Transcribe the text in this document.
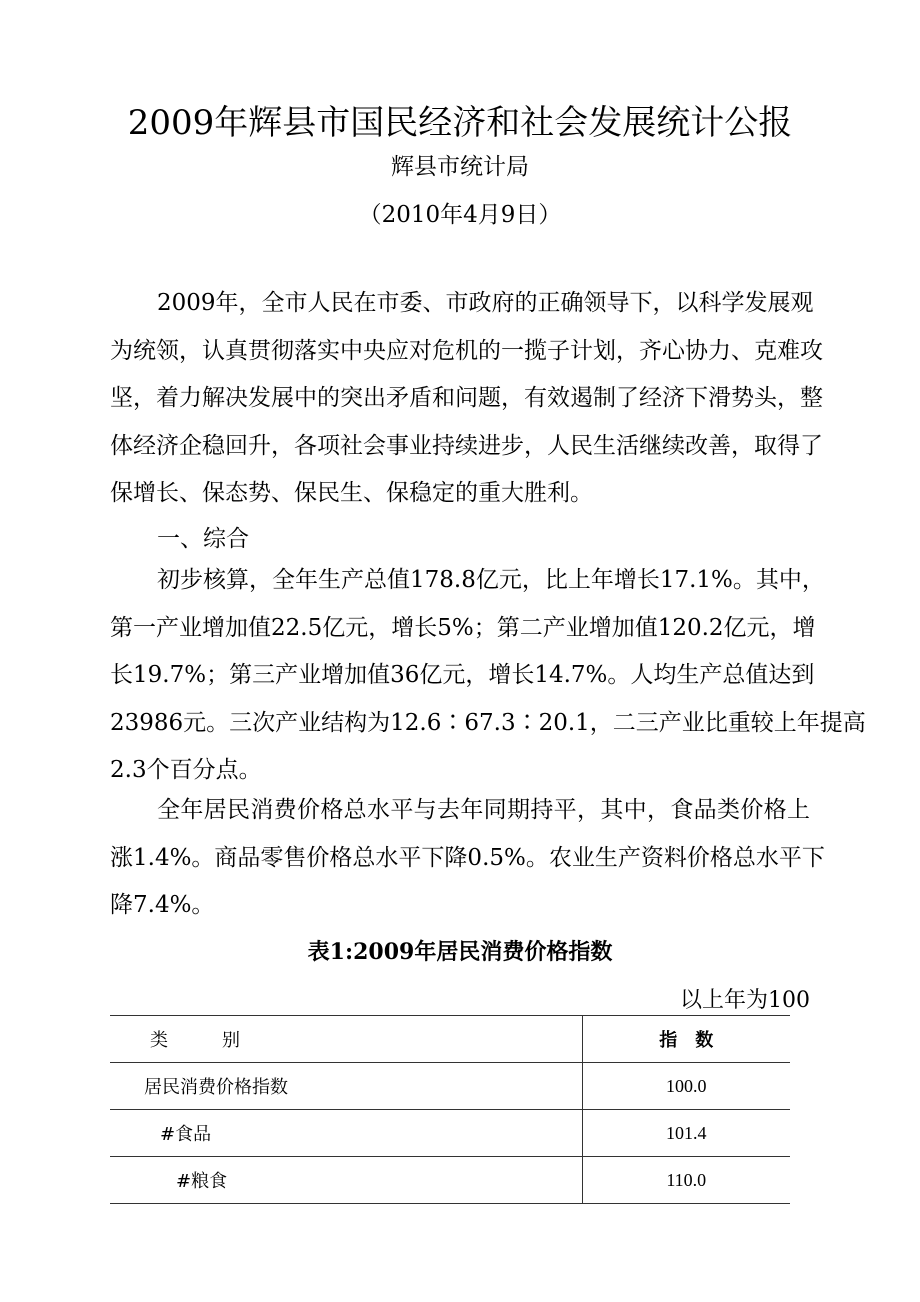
2009年辉县市国民经济和社会发展统计公报
辉县市统计局
（2010年4月9日）
2009年，全市人民在市委、市政府的正确领导下，以科学发展观
为统领，认真贯彻落实中央应对危机的一揽子计划，齐心协力、克难攻
坚，着力解决发展中的突出矛盾和问题，有效遏制了经济下滑势头，整
体经济企稳回升，各项社会事业持续进步，人民生活继续改善，取得了
保增长、保态势、保民生、保稳定的重大胜利。
一、综合
初步核算，全年生产总值178.8亿元，比上年增长17.1%。其中，
第一产业增加值22.5亿元，增长5%；第二产业增加值120.2亿元，增
长19.7%；第三产业增加值36亿元，增长14.7%。人均生产总值达到
23986元。三次产业结构为12.6∶67.3∶20.1，二三产业比重较上年提高
2.3个百分点。
全年居民消费价格总水平与去年同期持平，其中，食品类价格上
涨1.4%。商品零售价格总水平下降0.5%。农业生产资料价格总水平下
降7.4%。
表1:2009年居民消费价格指数
以上年为100
类　　　别	指　数
居民消费价格指数	100.0
#食品	101.4
#粮食	110.0
